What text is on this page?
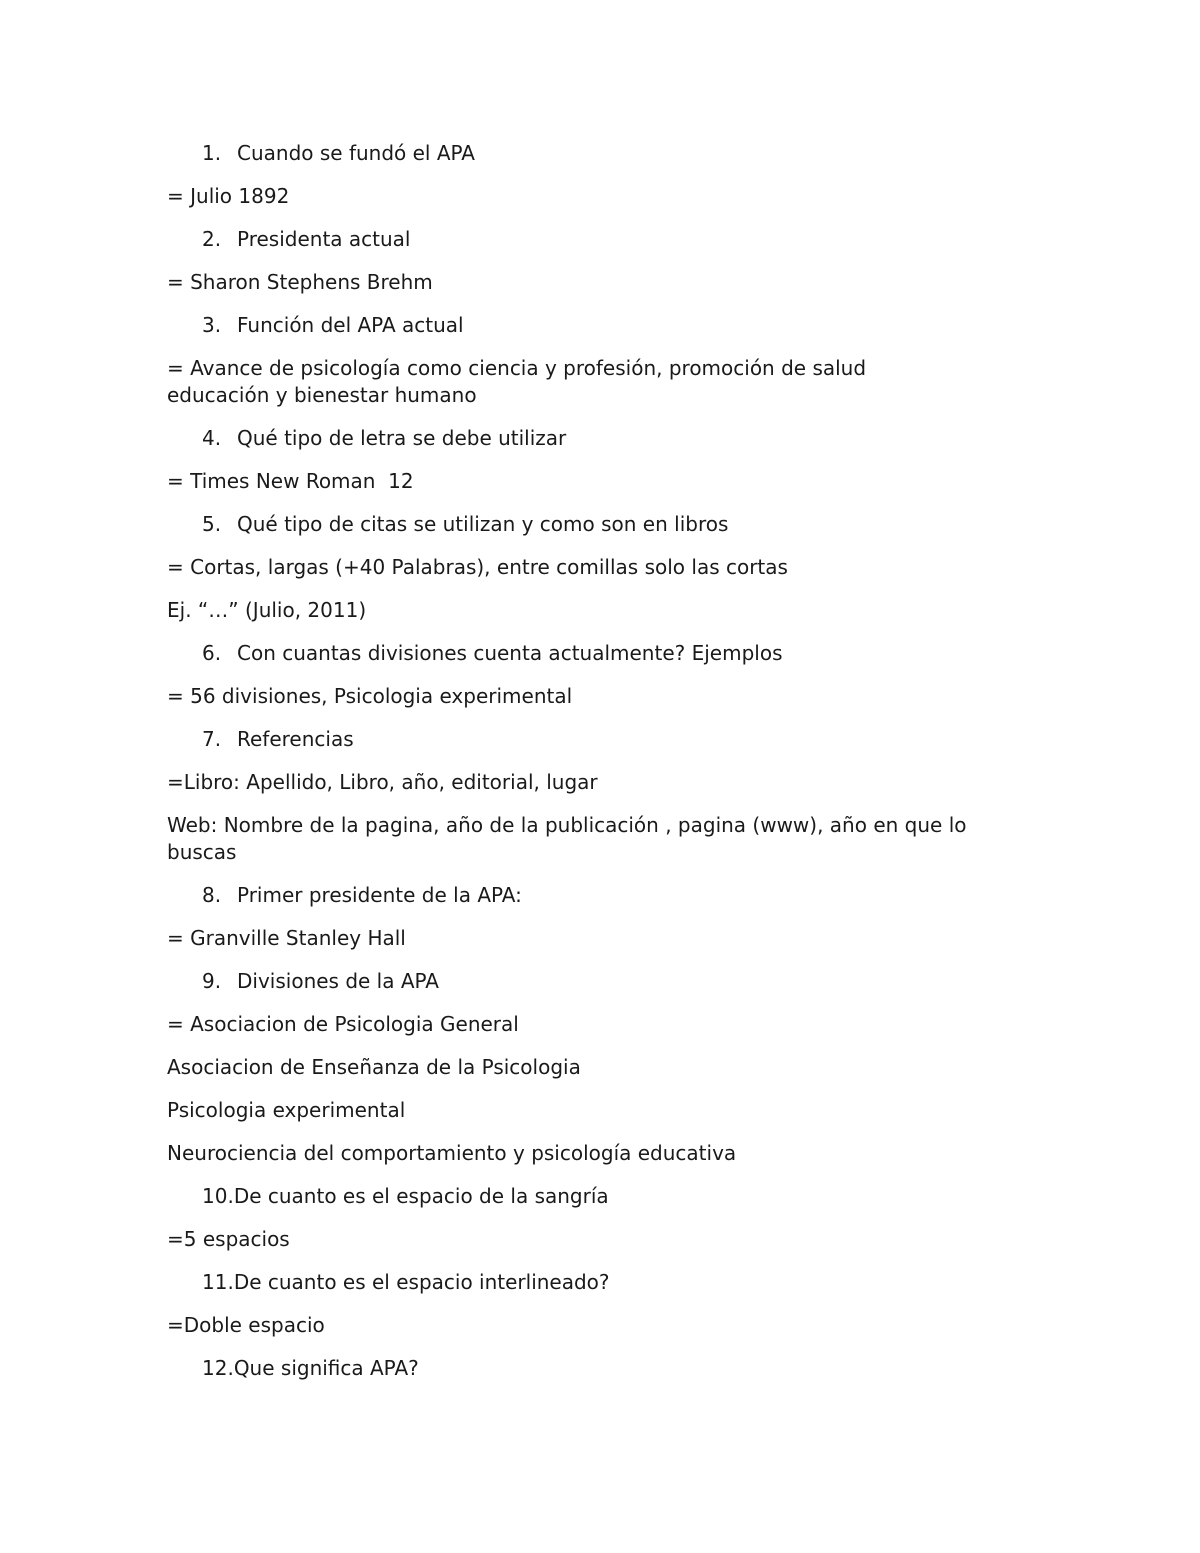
1. Cuando se fundó el APA
= Julio 1892
2. Presidenta actual
= Sharon Stephens Brehm
3. Función del APA actual
= Avance de psicología como ciencia y profesión, promoción de salud educación y bienestar humano
4. Qué tipo de letra se debe utilizar
= Times New Roman  12
5. Qué tipo de citas se utilizan y como son en libros
= Cortas, largas (+40 Palabras), entre comillas solo las cortas
Ej. “…” (Julio, 2011)
6. Con cuantas divisiones cuenta actualmente? Ejemplos
= 56 divisiones, Psicologia experimental
7. Referencias
=Libro: Apellido, Libro, año, editorial, lugar
Web: Nombre de la pagina, año de la publicación , pagina (www), año en que lo buscas
8. Primer presidente de la APA:
= Granville Stanley Hall
9. Divisiones de la APA
= Asociacion de Psicologia General
Asociacion de Enseñanza de la Psicologia
Psicologia experimental
Neurociencia del comportamiento y psicología educativa
10. De cuanto es el espacio de la sangría
=5 espacios
11. De cuanto es el espacio interlineado?
=Doble espacio
12. Que significa APA?
